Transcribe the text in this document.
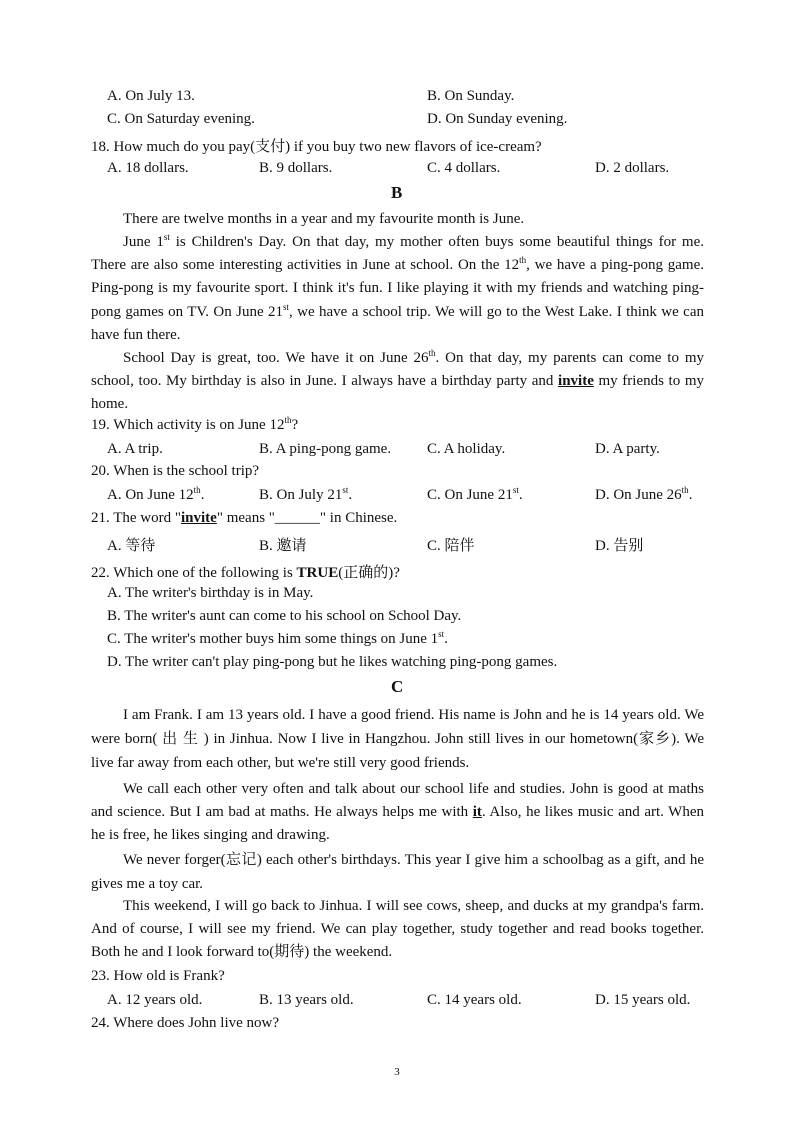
A. On July 13.	B. On Sunday.
C. On Saturday evening.	D. On Sunday evening.
18. How much do you pay(支付) if you buy two new flavors of ice-cream?
A. 18 dollars.	B. 9 dollars.	C. 4 dollars.	D. 2 dollars.
B
There are twelve months in a year and my favourite month is June.
June 1st is Children's Day. On that day, my mother often buys some beautiful things for me. There are also some interesting activities in June at school. On the 12th, we have a ping-pong game. Ping-pong is my favourite sport. I think it's fun. I like playing it with my friends and watching ping-pong games on TV. On June 21st, we have a school trip. We will go to the West Lake. I think we can have fun there.
School Day is great, too. We have it on June 26th. On that day, my parents can come to my school, too. My birthday is also in June. I always have a birthday party and invite my friends to my home.
19. Which activity is on June 12th?
A. A trip.	B. A ping-pong game. C. A holiday.	D. A party.
20. When is the school trip?
A. On June 12th.	B. On July 21st.	C. On June 21st.	D. On June 26th.
21. The word "invite" means "______" in Chinese.
A. 等待	B. 邀请	C. 陪伴	D. 告别
22. Which one of the following is TRUE(正确的)?
A. The writer's birthday is in May.
B. The writer's aunt can come to his school on School Day.
C. The writer's mother buys him some things on June 1st.
D. The writer can't play ping-pong but he likes watching ping-pong games.
C
I am Frank. I am 13 years old. I have a good friend. His name is John and he is 14 years old. We were born( 出 生 ) in Jinhua. Now I live in Hangzhou. John still lives in our hometown(家乡). We live far away from each other, but we're still very good friends.
We call each other very often and talk about our school life and studies. John is good at maths and science. But I am bad at maths. He always helps me with it. Also, he likes music and art. When he is free, he likes singing and drawing.
We never forger(忘记) each other's birthdays. This year I give him a schoolbag as a gift, and he gives me a toy car.
This weekend, I will go back to Jinhua. I will see cows, sheep, and ducks at my grandpa's farm. And of course, I will see my friend. We can play together, study together and read books together. Both he and I look forward to(期待) the weekend.
23. How old is Frank?
A. 12 years old.	B. 13 years old.	C. 14 years old.	D. 15 years old.
24. Where does John live now?
3
